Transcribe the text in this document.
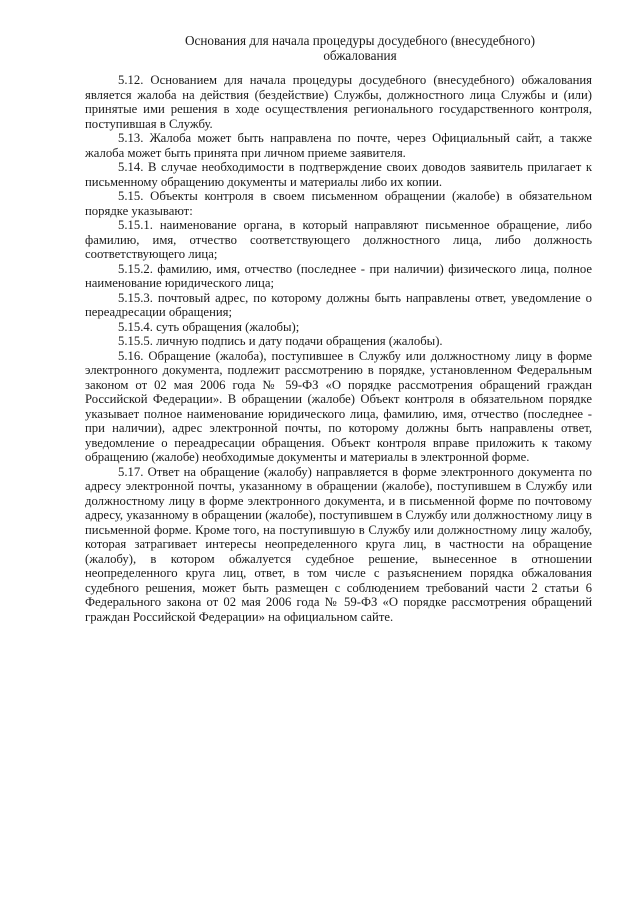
Основания для начала процедуры досудебного (внесудебного)
обжалования

5.12. Основанием для начала процедуры досудебного (внесудебного) обжалования является жалоба на действия (бездействие) Службы, должностного лица Службы и (или) принятые ими решения в ходе осуществления регионального государственного контроля, поступившая в Службу.

5.13. Жалоба может быть направлена по почте, через Официальный сайт, а также жалоба может быть принята при личном приеме заявителя.

5.14. В случае необходимости в подтверждение своих доводов заявитель прилагает к письменному обращению документы и материалы либо их копии.

5.15. Объекты контроля в своем письменном обращении (жалобе) в обязательном порядке указывают:

5.15.1. наименование органа, в который направляют письменное обращение, либо фамилию, имя, отчество соответствующего должностного лица, либо должность соответствующего лица;

5.15.2. фамилию, имя, отчество (последнее - при наличии) физического лица, полное наименование юридического лица;

5.15.3. почтовый адрес, по которому должны быть направлены ответ, уведомление о переадресации обращения;

5.15.4. суть обращения (жалобы);

5.15.5. личную подпись и дату подачи обращения (жалобы).

5.16. Обращение (жалоба), поступившее в Службу или должностному лицу в форме электронного документа, подлежит рассмотрению в порядке, установленном Федеральным законом от 02 мая 2006 года № 59-ФЗ «О порядке рассмотрения обращений граждан Российской Федерации». В обращении (жалобе) Объект контроля в обязательном порядке указывает полное наименование юридического лица, фамилию, имя, отчество (последнее - при наличии), адрес электронной почты, по которому должны быть направлены ответ, уведомление о переадресации обращения. Объект контроля вправе приложить к такому обращению (жалобе) необходимые документы и материалы в электронной форме.

5.17. Ответ на обращение (жалобу) направляется в форме электронного документа по адресу электронной почты, указанному в обращении (жалобе), поступившем в Службу или должностному лицу в форме электронного документа, и в письменной форме по почтовому адресу, указанному в обращении (жалобе), поступившем в Службу или должностному лицу в письменной форме. Кроме того, на поступившую в Службу или должностному лицу жалобу, которая затрагивает интересы неопределенного круга лиц, в частности на обращение (жалобу), в котором обжалуется судебное решение, вынесенное в отношении неопределенного круга лиц, ответ, в том числе с разъяснением порядка обжалования судебного решения, может быть размещен с соблюдением требований части 2 статьи 6 Федерального закона от 02 мая 2006 года № 59-ФЗ «О порядке рассмотрения обращений граждан Российской Федерации» на официальном сайте.
